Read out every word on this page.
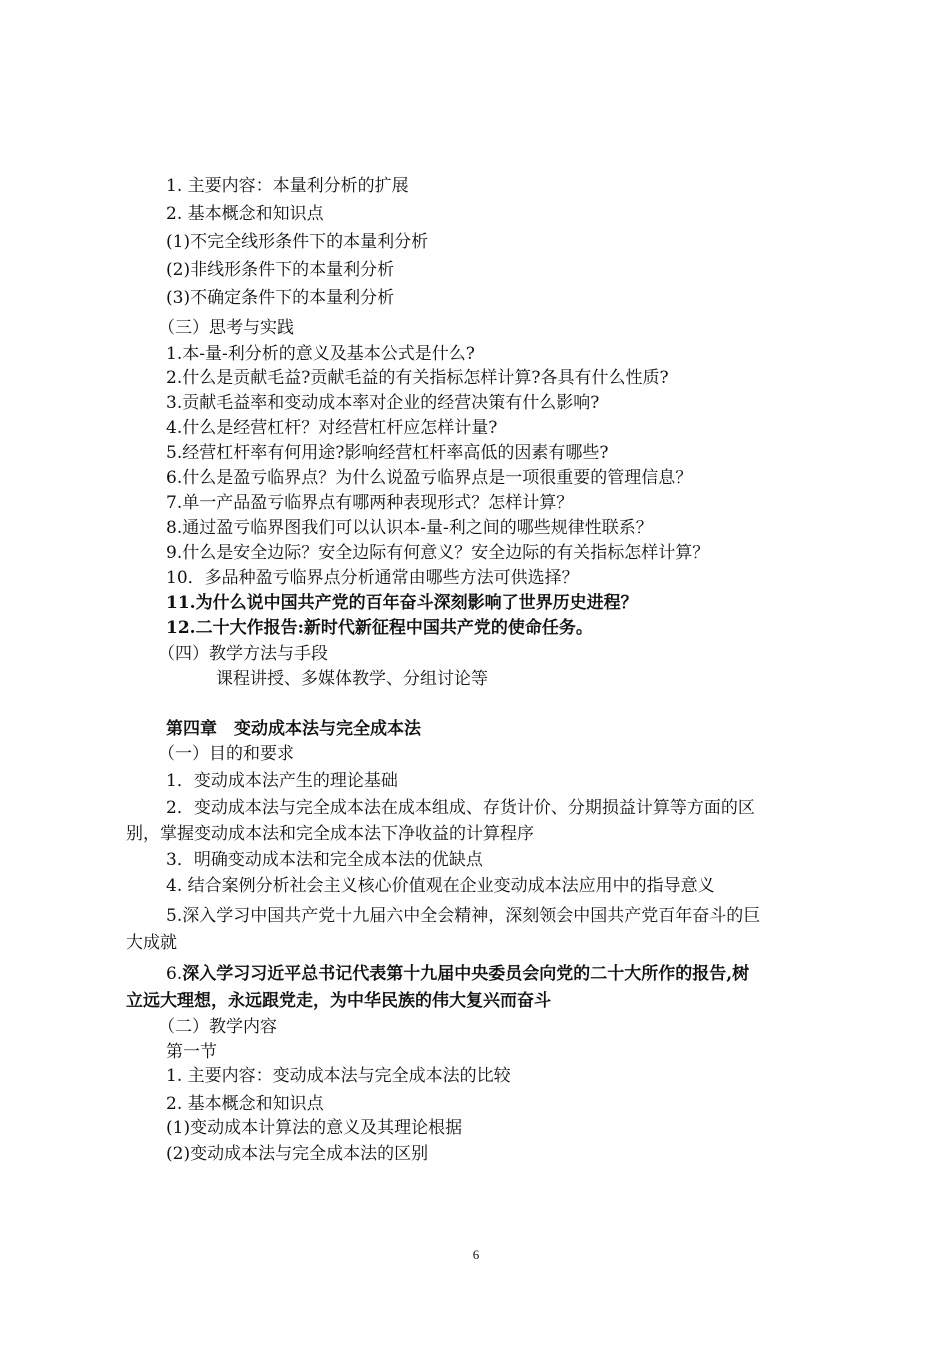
1. 主要内容：本量利分析的扩展
2. 基本概念和知识点
(1)不完全线形条件下的本量利分析
(2)非线形条件下的本量利分析
(3)不确定条件下的本量利分析
（三）思考与实践
1.本-量-利分析的意义及基本公式是什么?
2.什么是贡献毛益?贡献毛益的有关指标怎样计算?各具有什么性质?
3.贡献毛益率和变动成本率对企业的经营决策有什么影响?
4.什么是经营杠杆？对经营杠杆应怎样计量?
5.经营杠杆率有何用途?影响经营杠杆率高低的因素有哪些?
6.什么是盈亏临界点？为什么说盈亏临界点是一项很重要的管理信息？
7.单一产品盈亏临界点有哪两种表现形式？怎样计算？
8.通过盈亏临界图我们可以认识本-量-利之间的哪些规律性联系？
9.什么是安全边际？安全边际有何意义？安全边际的有关指标怎样计算？
10．多品种盈亏临界点分析通常由哪些方法可供选择？
11.为什么说中国共产党的百年奋斗深刻影响了世界历史进程？
12.二十大作报告:新时代新征程中国共产党的使命任务。
（四）教学方法与手段
课程讲授、多媒体教学、分组讨论等
第四章　变动成本法与完全成本法
（一）目的和要求
1．变动成本法产生的理论基础
2．变动成本法与完全成本法在成本组成、存货计价、分期损益计算等方面的区
别，掌握变动成本法和完全成本法下净收益的计算程序
3．明确变动成本法和完全成本法的优缺点
4. 结合案例分析社会主义核心价值观在企业变动成本法应用中的指导意义
5.深入学习中国共产党十九届六中全会精神，深刻领会中国共产党百年奋斗的巨
大成就
6.深入学习习近平总书记代表第十九届中央委员会向党的二十大所作的报告,树
立远大理想，永远跟党走，为中华民族的伟大复兴而奋斗
（二）教学内容
第一节
1. 主要内容：变动成本法与完全成本法的比较
2. 基本概念和知识点
(1)变动成本计算法的意义及其理论根据
(2)变动成本法与完全成本法的区别
6
